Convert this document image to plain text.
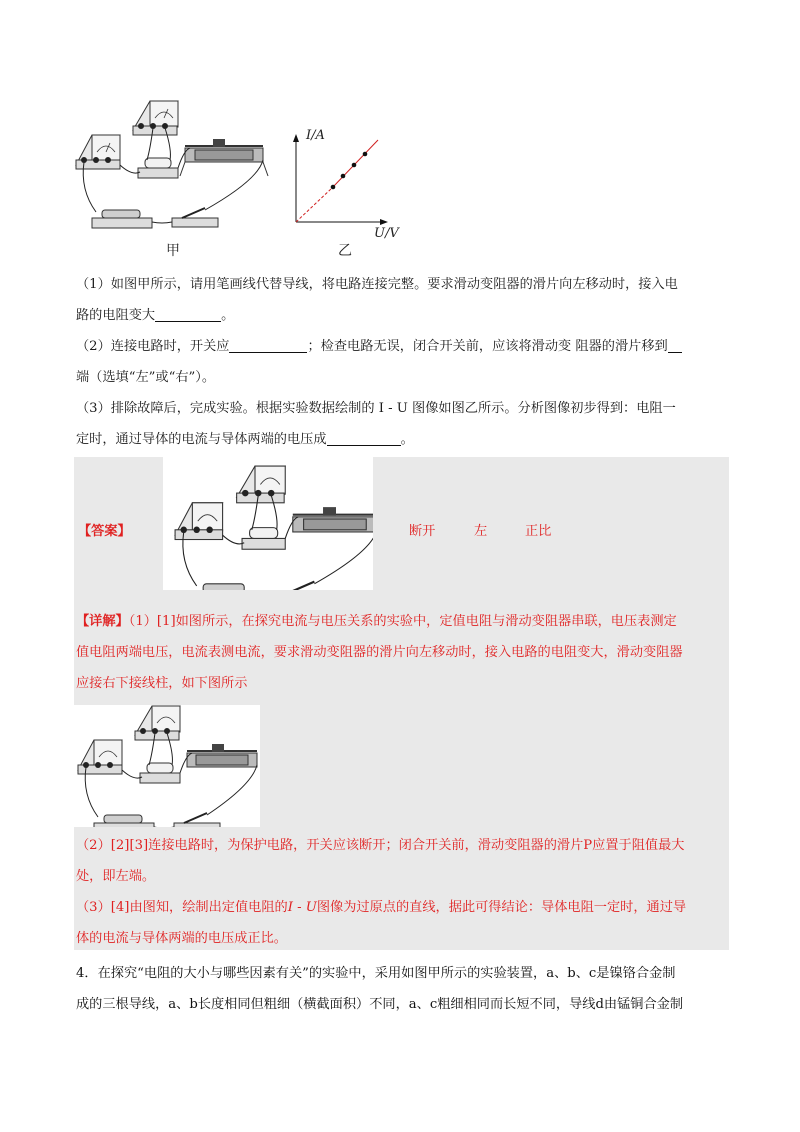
I/A
U/V
甲	乙
（1）如图甲所示，请用笔画线代替导线，将电路连接完整。要求滑动变阻器的滑片向左移动时，接入电
路的电阻变大	。
（2）连接电路时，开关应	；检查电路无误，闭合开关前，应该将滑动变 阻器的滑片移到
端（选填“左”或“右”）。
（3）排除故障后，完成实验。根据实验数据绘制的 I - U 图像如图乙所示。分析图像初步得到：电阻一
定时，通过导体的电流与导体两端的电压成	。
【答案】	断开	左	正比
【详解】（1）[1]如图所示，在探究电流与电压关系的实验中，定值电阻与滑动变阻器串联，电压表测定
值电阻两端电压，电流表测电流，要求滑动变阻器的滑片向左移动时，接入电路的电阻变大，滑动变阻器
应接右下接线柱，如下图所示
（2）[2][3]连接电路时，为保护电路，开关应该断开；闭合开关前，滑动变阻器的滑片P应置于阻值最大
处，即左端。
（3）[4]由图知，绘制出定值电阻的I - U图像为过原点的直线，据此可得结论：导体电阻一定时，通过导
体的电流与导体两端的电压成正比。
4．在探究“电阻的大小与哪些因素有关”的实验中，采用如图甲所示的实验装置，a、b、c是镍铬合金制
成的三根导线，a、b长度相同但粗细（横截面积）不同，a、c粗细相同而长短不同，导线d由锰铜合金制
